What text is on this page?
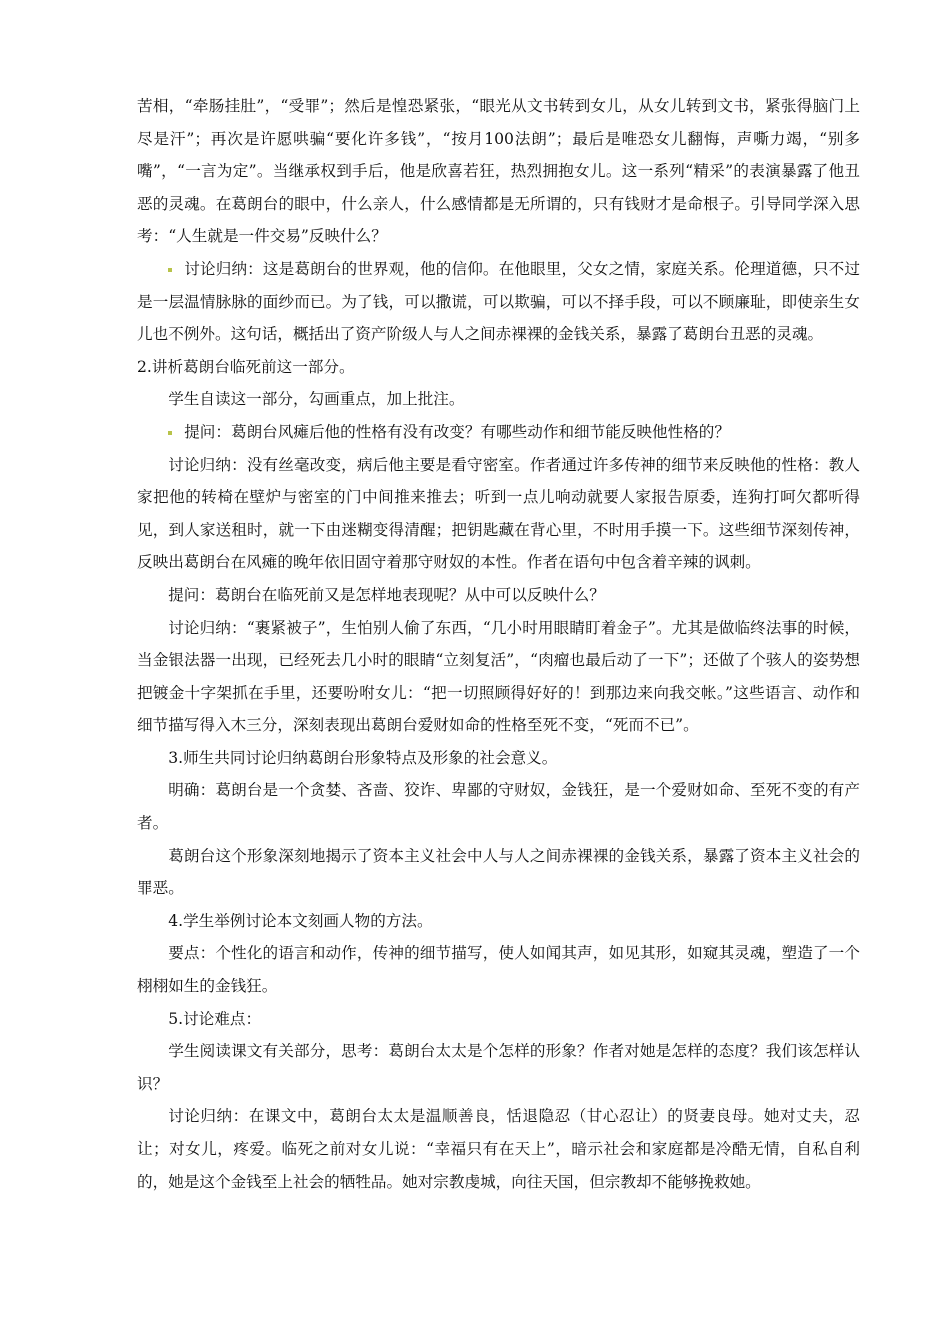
苦相，“牵肠挂肚”，“受罪”；然后是惶恐紧张，“眼光从文书转到女儿，从女儿转到文书，紧张得脑门上尽是汗”；再次是许愿哄骗“要化许多钱”，“按月100法朗”；最后是唯恐女儿翻悔，声嘶力竭，“别多嘴”，“一言为定”。当继承权到手后，他是欣喜若狂，热烈拥抱女儿。这一系列“精采”的表演暴露了他丑恶的灵魂。在葛朗台的眼中，什么亲人，什么感情都是无所谓的，只有钱财才是命根子。引导同学深入思考：“人生就是一件交易”反映什么？

讨论归纳：这是葛朗台的世界观，他的信仰。在他眼里，父女之情，家庭关系。伦理道德，只不过是一层温情脉脉的面纱而已。为了钱，可以撒谎，可以欺骗，可以不择手段，可以不顾廉耻，即使亲生女儿也不例外。这句话，概括出了资产阶级人与人之间赤裸裸的金钱关系，暴露了葛朗台丑恶的灵魂。

2.讲析葛朗台临死前这一部分。

学生自读这一部分，勾画重点，加上批注。

提问：葛朗台风瘫后他的性格有没有改变？有哪些动作和细节能反映他性格的？

讨论归纳：没有丝毫改变，病后他主要是看守密室。作者通过许多传神的细节来反映他的性格：教人家把他的转椅在壁炉与密室的门中间推来推去；听到一点儿响动就要人家报告原委，连狗打呵欠都听得见，到人家送租时，就一下由迷糊变得清醒；把钥匙藏在背心里，不时用手摸一下。这些细节深刻传神，反映出葛朗台在风瘫的晚年依旧固守着那守财奴的本性。作者在语句中包含着辛辣的讽刺。

提问：葛朗台在临死前又是怎样地表现呢？从中可以反映什么？

讨论归纳：“裹紧被子”，生怕别人偷了东西，“几小时用眼睛盯着金子”。尤其是做临终法事的时候，当金银法器一出现，已经死去几小时的眼睛“立刻复活”，“肉瘤也最后动了一下”；还做了个骇人的姿势想把镀金十字架抓在手里，还要吩咐女儿：“把一切照顾得好好的！到那边来向我交帐。”这些语言、动作和细节描写得入木三分，深刻表现出葛朗台爱财如命的性格至死不变，“死而不已”。

3.师生共同讨论归纳葛朗台形象特点及形象的社会意义。

明确：葛朗台是一个贪婪、吝啬、狡诈、卑鄙的守财奴，金钱狂，是一个爱财如命、至死不变的有产者。

葛朗台这个形象深刻地揭示了资本主义社会中人与人之间赤裸裸的金钱关系，暴露了资本主义社会的罪恶。

4.学生举例讨论本文刻画人物的方法。

要点：个性化的语言和动作，传神的细节描写，使人如闻其声，如见其形，如窥其灵魂，塑造了一个栩栩如生的金钱狂。

5.讨论难点：

学生阅读课文有关部分，思考：葛朗台太太是个怎样的形象？作者对她是怎样的态度？我们该怎样认识？

讨论归纳：在课文中，葛朗台太太是温顺善良，恬退隐忍（甘心忍让）的贤妻良母。她对丈夫，忍让；对女儿，疼爱。临死之前对女儿说：“幸福只有在天上”，暗示社会和家庭都是冷酷无情，自私自利的，她是这个金钱至上社会的牺牲品。她对宗教虔城，向往天国，但宗教却不能够挽救她。
